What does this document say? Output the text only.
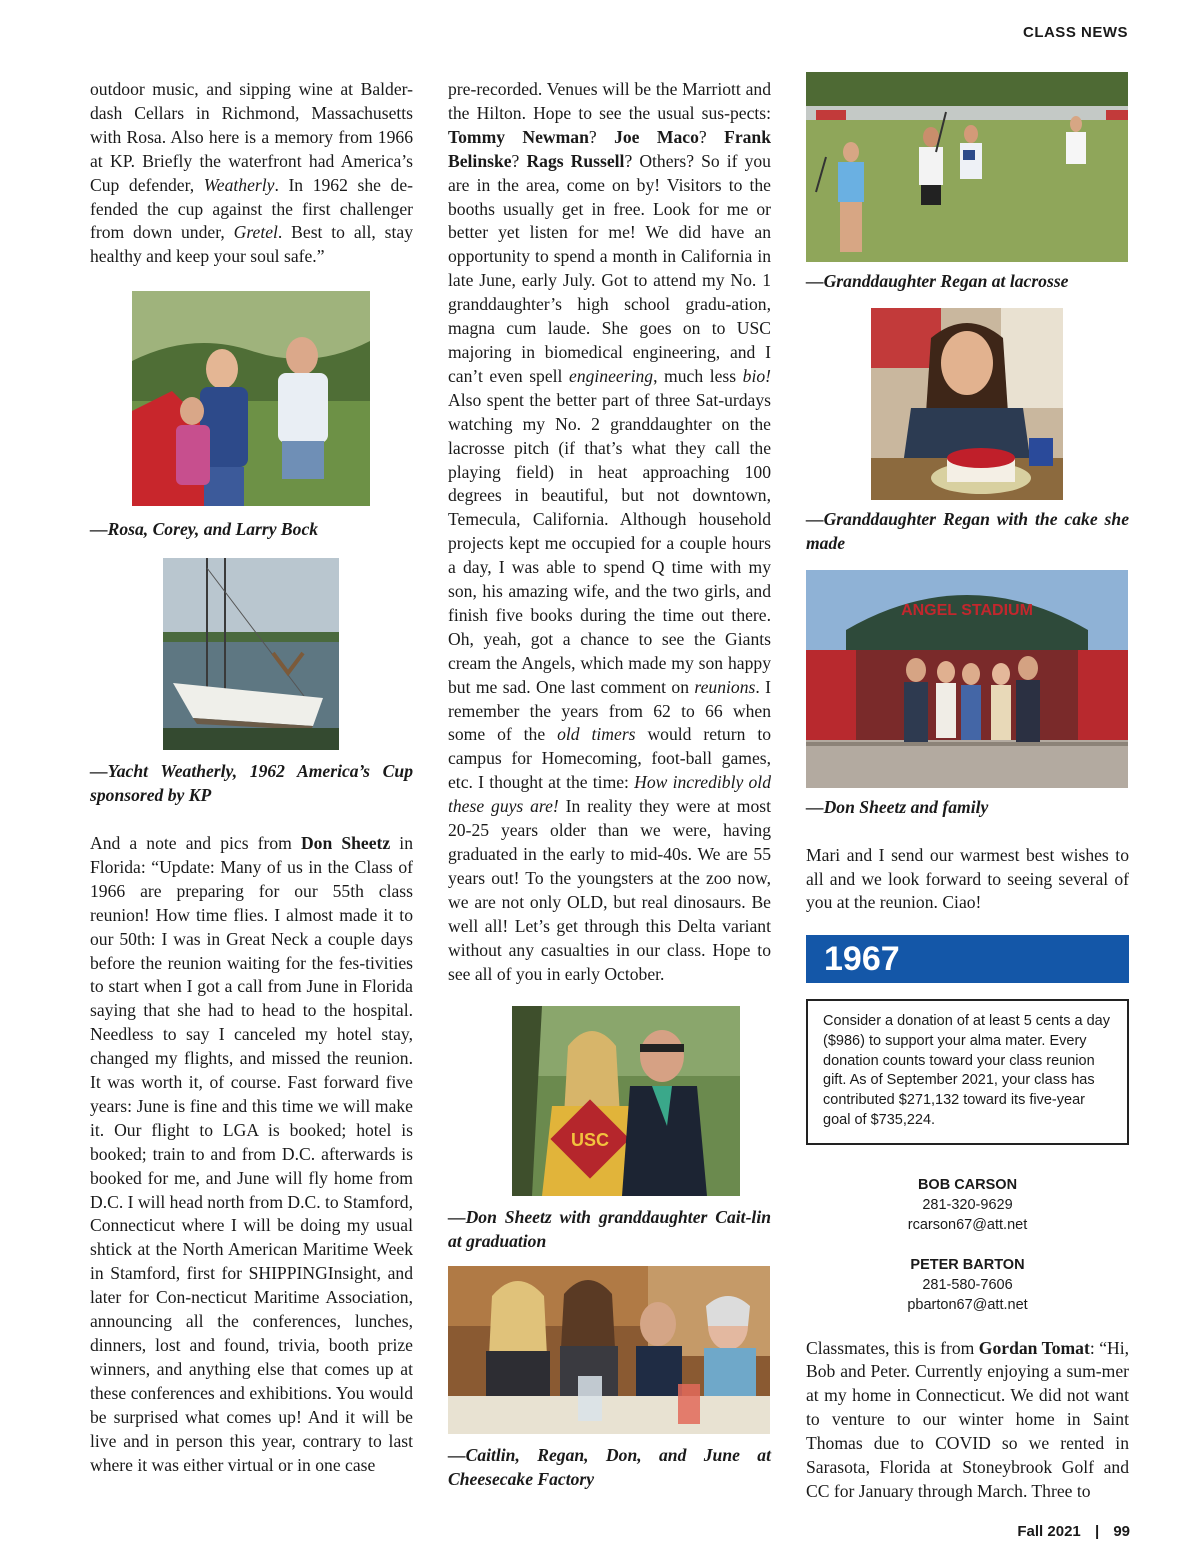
CLASS NEWS

outdoor music, and sipping wine at Balder-dash Cellars in Richmond, Massachusetts with Rosa. Also here is a memory from 1966 at KP. Briefly the waterfront had America’s Cup defender, Weatherly. In 1962 she de-fended the cup against the first challenger from down under, Gretel. Best to all, stay healthy and keep your soul safe.”

—Rosa, Corey, and Larry Bock

—Yacht Weatherly, 1962 America’s Cup sponsored by KP

And a note and pics from Don Sheetz in Florida: “Update: Many of us in the Class of 1966 are preparing for our 55th class reunion! How time flies. I almost made it to our 50th: I was in Great Neck a couple days before the reunion waiting for the fes-tivities to start when I got a call from June in Florida saying that she had to head to the hospital. Needless to say I canceled my hotel stay, changed my flights, and missed the reunion. It was worth it, of course. Fast forward five years: June is fine and this time we will make it. Our flight to LGA is booked; hotel is booked; train to and from D.C. afterwards is booked for me, and June will fly home from D.C. I will head north from D.C. to Stamford, Connecticut where I will be doing my usual shtick at the North American Maritime Week in Stamford, first for SHIPPINGInsight, and later for Con-necticut Maritime Association, announcing all the conferences, lunches, dinners, lost and found, trivia, booth prize winners, and anything else that comes up at these conferences and exhibitions. You would be surprised what comes up! And it will be live and in person this year, contrary to last where it was either virtual or in one case

pre-recorded. Venues will be the Marriott and the Hilton. Hope to see the usual sus-pects: Tommy Newman? Joe Maco? Frank Belinske? Rags Russell? Others? So if you are in the area, come on by! Visitors to the booths usually get in free. Look for me or better yet listen for me! We did have an opportunity to spend a month in California in late June, early July. Got to attend my No. 1 granddaughter’s high school gradu-ation, magna cum laude. She goes on to USC majoring in biomedical engineering, and I can’t even spell engineering, much less bio! Also spent the better part of three Sat-urdays watching my No. 2 granddaughter on the lacrosse pitch (if that’s what they call the playing field) in heat approaching 100 degrees in beautiful, but not downtown, Temecula, California. Although household projects kept me occupied for a couple hours a day, I was able to spend Q time with my son, his amazing wife, and the two girls, and finish five books during the time out there. Oh, yeah, got a chance to see the Giants cream the Angels, which made my son happy but me sad. One last comment on reunions. I remember the years from 62 to 66 when some of the old timers would return to campus for Homecoming, foot-ball games, etc. I thought at the time: How incredibly old these guys are! In reality they were at most 20-25 years older than we were, having graduated in the early to mid-40s. We are 55 years out! To the youngsters at the zoo now, we are not only OLD, but real dinosaurs. Be well all! Let’s get through this Delta variant without any casualties in our class. Hope to see all of you in early October.

USC

—Don Sheetz with granddaughter Cait-lin at graduation

—Caitlin, Regan, Don, and June at Cheesecake Factory

—Granddaughter Regan at lacrosse

—Granddaughter Regan with the cake she made

ANGEL STADIUM

—Don Sheetz and family

Mari and I send our warmest best wishes to all and we look forward to seeing several of you at the reunion. Ciao!

1967
Consider a donation of at least 5 cents a day ($986) to support your alma mater. Every donation counts toward your class reunion gift. As of September 2021, your class has contributed $271,132 toward its five-year goal of $735,224.
BOB CARSON
281-320-9629
rcarson67@att.net
PETER BARTON
281-580-7606
pbarton67@att.net

Classmates, this is from Gordan Tomat: “Hi, Bob and Peter. Currently enjoying a sum-mer at my home in Connecticut. We did not want to venture to our winter home in Saint Thomas due to COVID so we rented in Sarasota, Florida at Stoneybrook Golf and CC for January through March. Three to

Fall 2021 | 99
